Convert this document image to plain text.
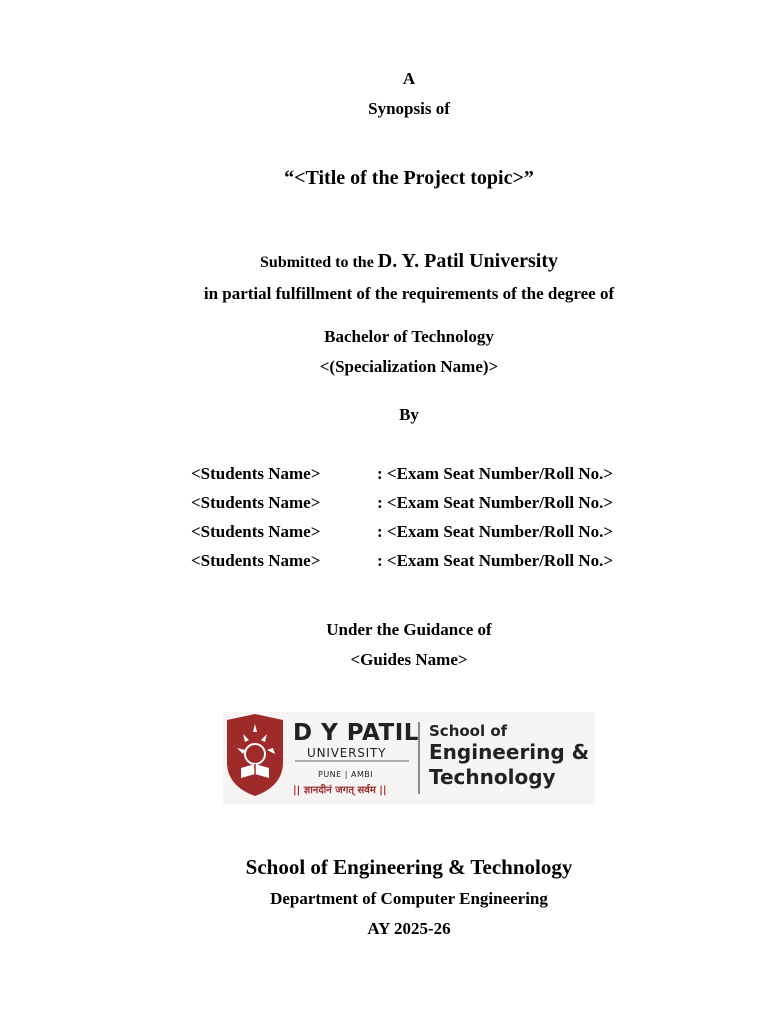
A
Synopsis of
“<Title of the Project topic>”
Submitted to the D. Y. Patil University
in partial fulfillment of the requirements of the degree of
Bachelor of Technology
<(Specialization Name)>
By
<Students Name>	: <Exam Seat Number/Roll No.>
<Students Name>	: <Exam Seat Number/Roll No.>
<Students Name>	: <Exam Seat Number/Roll No.>
<Students Name>	: <Exam Seat Number/Roll No.>
Under the Guidance of
<Guides Name>
D Y PATIL
UNIVERSITY
PUNE | AMBI
|| ज्ञानदीनं जगत् सर्वम ||
School of
Engineering &
Technology
School of Engineering & Technology
Department of Computer Engineering
AY 2025-26
